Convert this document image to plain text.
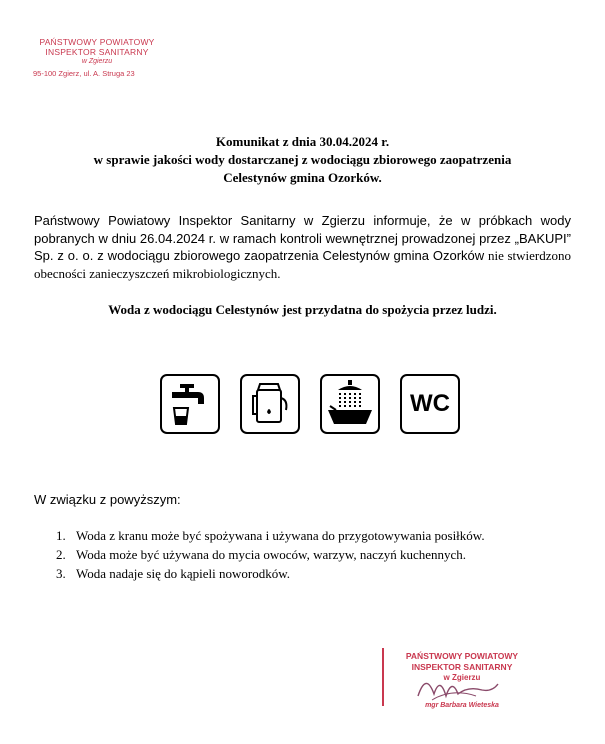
PAŃSTWOWY POWIATOWY
INSPEKTOR SANITARNY
w Zgierzu
95-100 Zgierz, ul. A. Struga 23
Komunikat z dnia 30.04.2024 r.
w sprawie jakości wody dostarczanej z wodociągu zbiorowego zaopatrzenia
Celestynów gmina Ozorków.
Państwowy Powiatowy Inspektor Sanitarny w Zgierzu informuje, że w próbkach wody pobranych w dniu 26.04.2024 r. w ramach kontroli wewnętrznej prowadzonej przez „BAKUPI” Sp. z o. o. z wodociągu zbiorowego zaopatrzenia Celestynów gmina Ozorków nie stwierdzono obecności zanieczyszczeń mikrobiologicznych.
Woda z wodociągu Celestynów jest przydatna do spożycia przez ludzi.
WC
W związku z powyższym:
1. Woda z kranu może być spożywana i używana do przygotowywania posiłków.
2. Woda może być używana do mycia owoców, warzyw, naczyń kuchennych.
3. Woda nadaje się do kąpieli noworodków.
PAŃSTWOWY POWIATOWY
INSPEKTOR SANITARNY
w Zgierzu
mgr Barbara Wieteska
